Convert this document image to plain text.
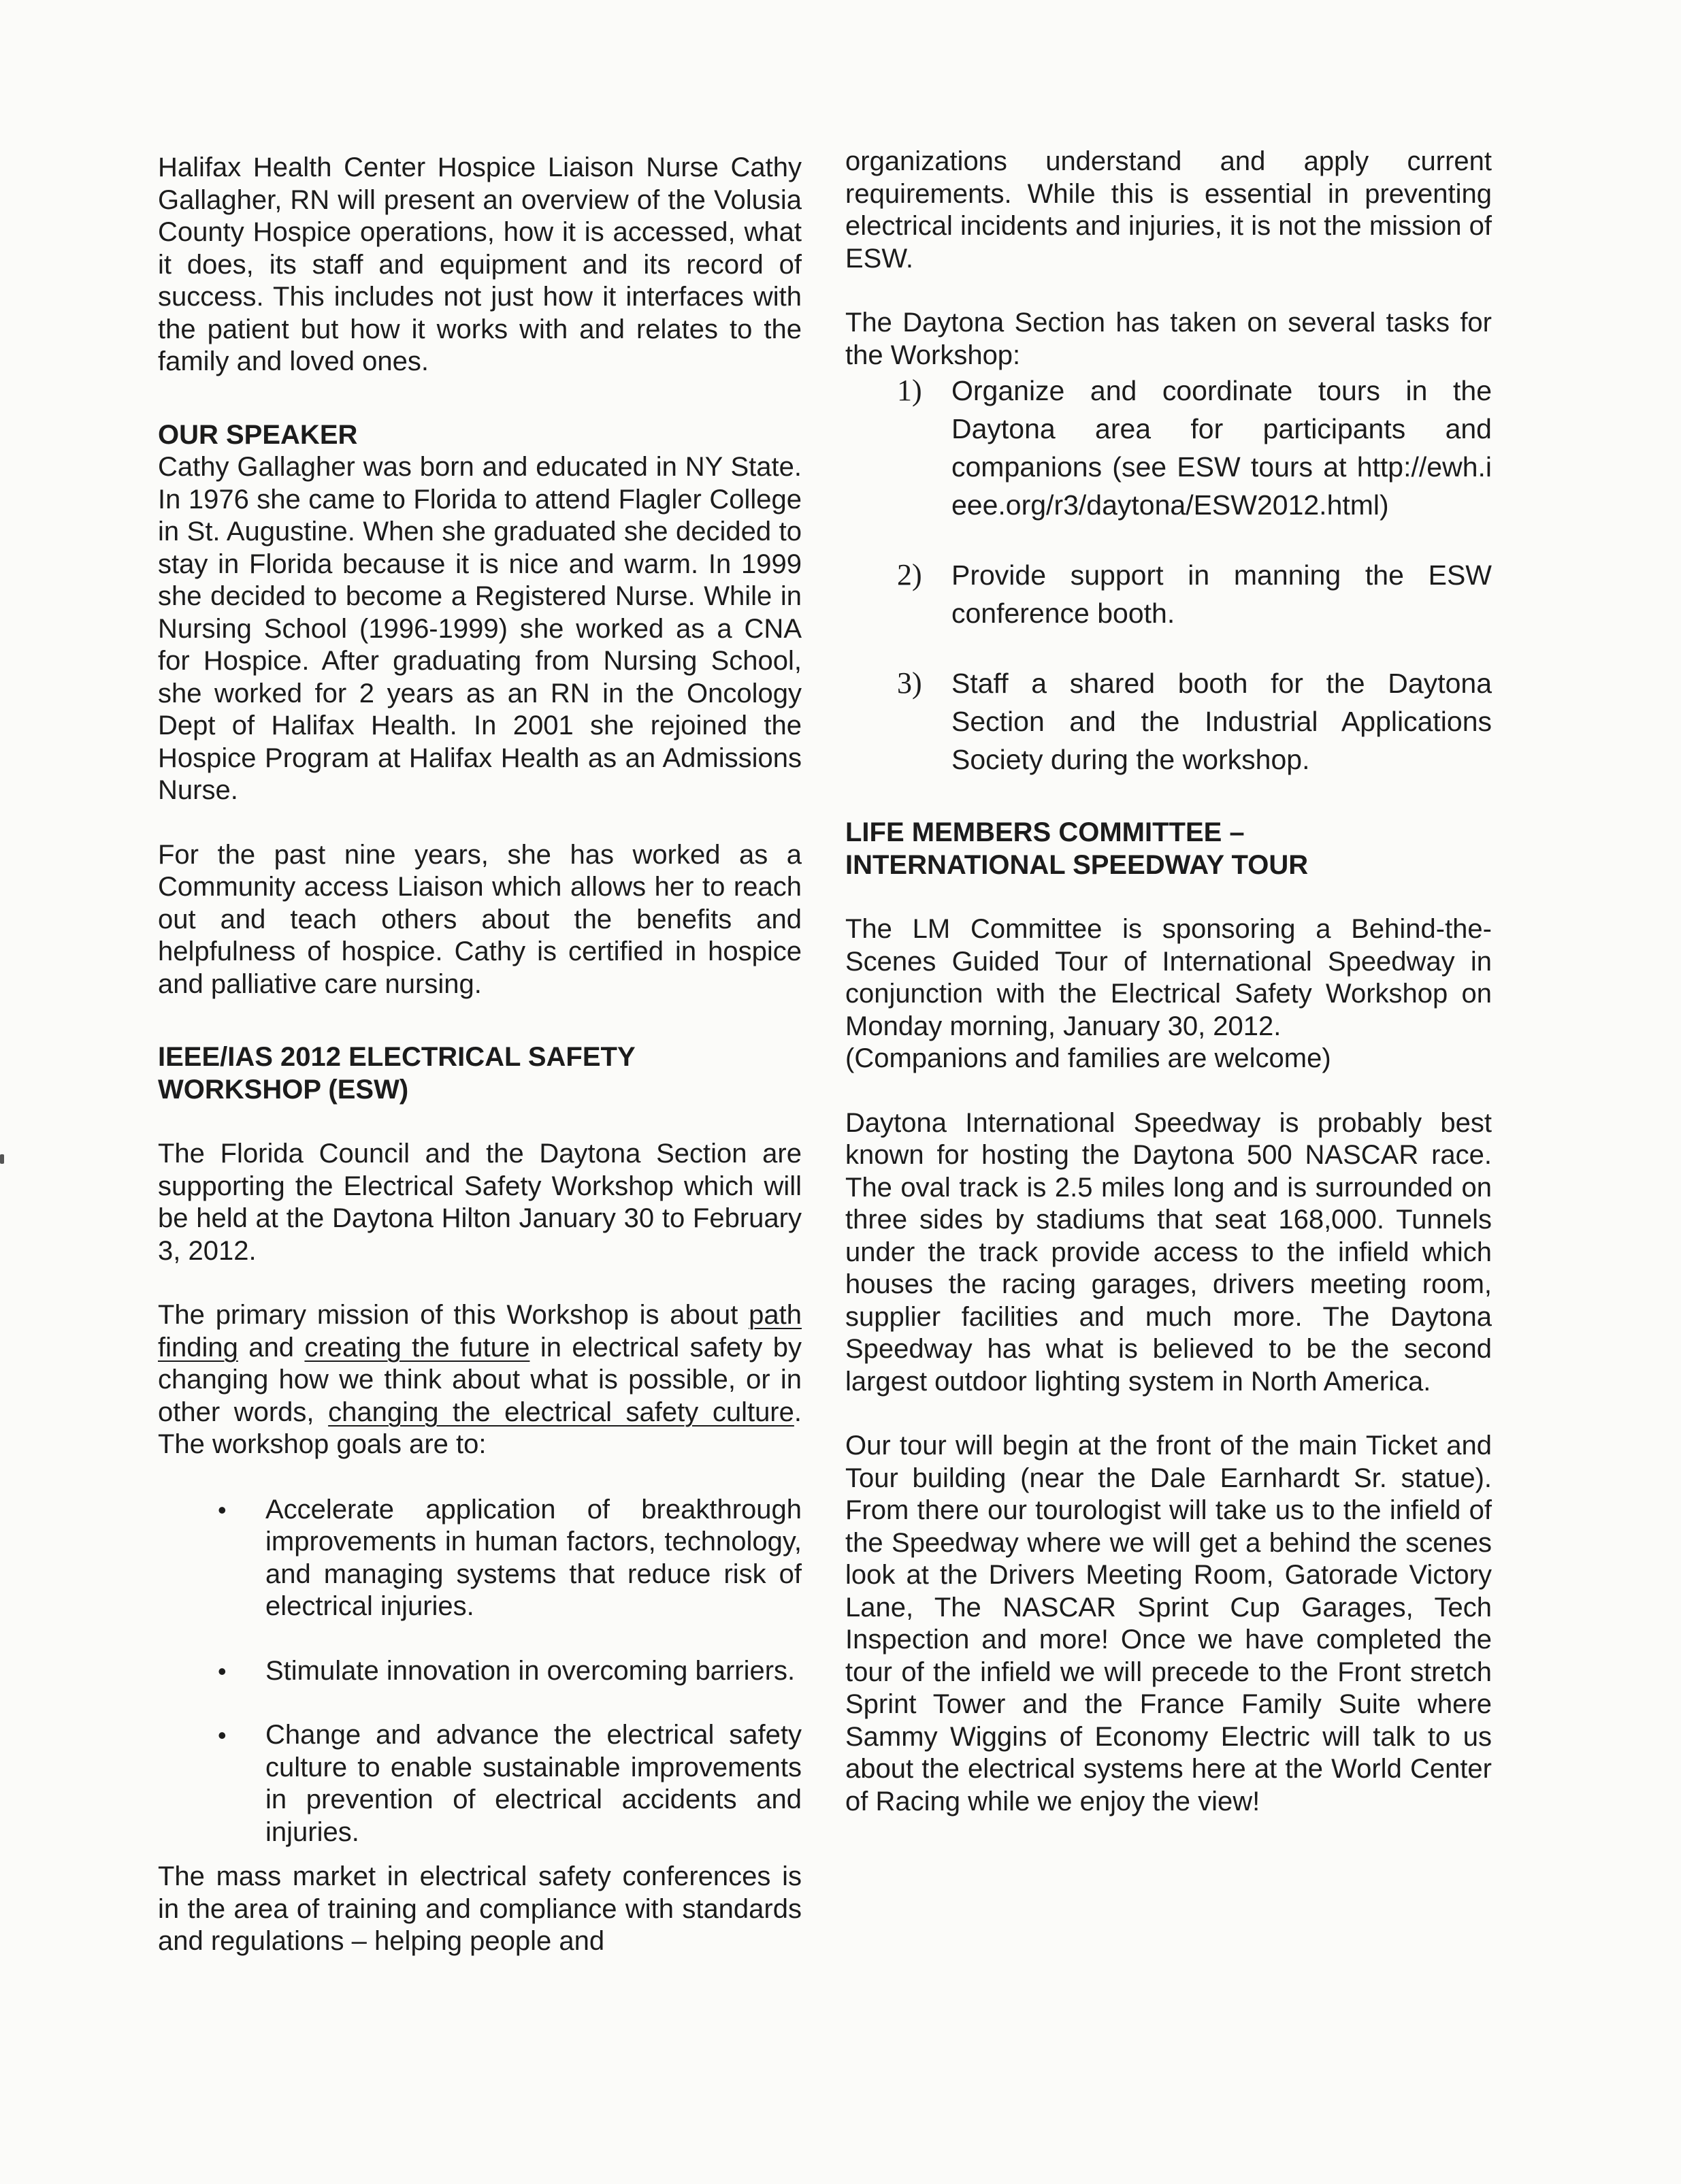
Halifax Health Center Hospice Liaison Nurse Cathy Gallagher, RN will present an overview of the Volusia County Hospice operations, how it is accessed, what it does, its staff and equipment and its record of success. This includes not just how it interfaces with the patient but how it works with and relates to the family and loved ones.

OUR SPEAKER

Cathy Gallagher was born and educated in NY State. In 1976 she came to Florida to attend Flagler College in St. Augustine. When she graduated she decided to stay in Florida because it is nice and warm. In 1999 she decided to become a Registered Nurse. While in Nursing School (1996-1999) she worked as a CNA for Hospice. After graduating from Nursing School, she worked for 2 years as an RN in the Oncology Dept of Halifax Health. In 2001 she rejoined the Hospice Program at Halifax Health as an Admissions Nurse.

For the past nine years, she has worked as a Community access Liaison which allows her to reach out and teach others about the benefits and helpfulness of hospice. Cathy is certified in hospice and palliative care nursing.

IEEE/IAS 2012 ELECTRICAL SAFETY
WORKSHOP (ESW)

The Florida Council and the Daytona Section are supporting the Electrical Safety Workshop which will be held at the Daytona Hilton January 30 to February 3, 2012.

The primary mission of this Workshop is about path finding and creating the future in electrical safety by changing how we think about what is possible, or in other words, changing the electrical safety culture. The workshop goals are to:

• Accelerate application of breakthrough improvements in human factors, technology, and managing systems that reduce risk of electrical injuries.
• Stimulate innovation in overcoming barriers.
• Change and advance the electrical safety culture to enable sustainable improvements in prevention of electrical accidents and injuries.

The mass market in electrical safety conferences is in the area of training and compliance with standards and regulations – helping people and

organizations understand and apply current requirements. While this is essential in preventing electrical incidents and injuries, it is not the mission of ESW.

The Daytona Section has taken on several tasks for the Workshop:

1) Organize and coordinate tours in the Daytona area for participants and companions (see ESW tours at http://ewh.ieee.org/r3/daytona/ESW2012.html)
2) Provide support in manning the ESW conference booth.
3) Staff a shared booth for the Daytona Section and the Industrial Applications Society during the workshop.
LIFE MEMBERS COMMITTEE –
INTERNATIONAL SPEEDWAY TOUR

The LM Committee is sponsoring a Behind-the-Scenes Guided Tour of International Speedway in conjunction with the Electrical Safety Workshop on Monday morning, January 30, 2012.

(Companions and families are welcome)

Daytona International Speedway is probably best known for hosting the Daytona 500 NASCAR race. The oval track is 2.5 miles long and is surrounded on three sides by stadiums that seat 168,000. Tunnels under the track provide access to the infield which houses the racing garages, drivers meeting room, supplier facilities and much more. The Daytona Speedway has what is believed to be the second largest outdoor lighting system in North America.

Our tour will begin at the front of the main Ticket and Tour building (near the Dale Earnhardt Sr. statue). From there our tourologist will take us to the infield of the Speedway where we will get a behind the scenes look at the Drivers Meeting Room, Gatorade Victory Lane, The NASCAR Sprint Cup Garages, Tech Inspection and more! Once we have completed the tour of the infield we will precede to the Front stretch Sprint Tower and the France Family Suite where Sammy Wiggins of Economy Electric will talk to us about the electrical systems here at the World Center of Racing while we enjoy the view!
